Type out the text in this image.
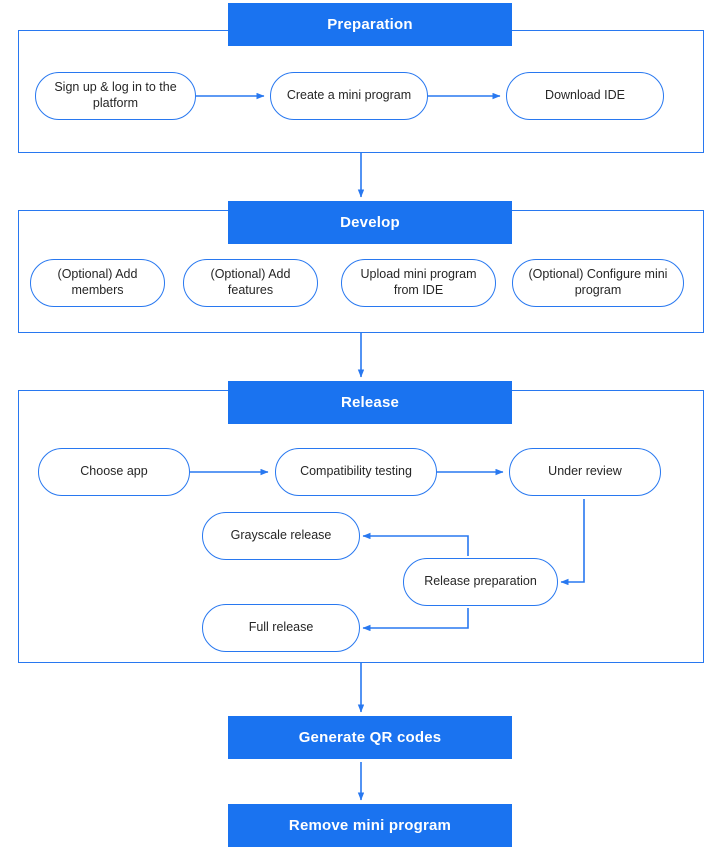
Preparation
Sign up & log in to the platform
Create a mini program	Download IDE
Develop
(Optional) Add members
(Optional) Add features
Upload mini program from IDE
(Optional) Configure mini program
Release
Choose app	Compatibility testing	Under review
Grayscale release
Release preparation
Full release
Generate QR codes
Remove mini program
